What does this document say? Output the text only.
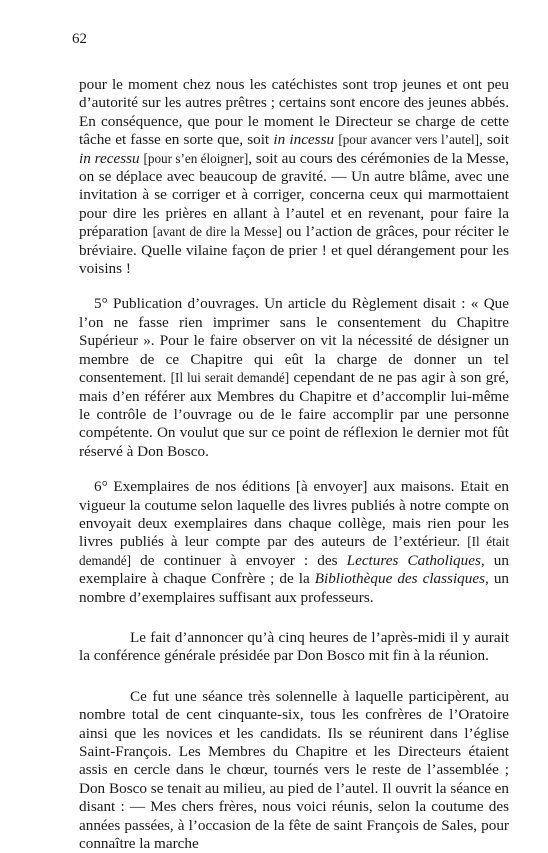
62

pour le moment chez nous les catéchistes sont trop jeunes et ont peu d’autorité sur les autres prêtres ; certains sont encore des jeunes abbés. En conséquence, que pour le moment le Directeur se charge de cette tâche et fasse en sorte que, soit in incessu [pour avancer vers l’autel], soit in recessu [pour s’en éloigner], soit au cours des cérémonies de la Messe, on se déplace avec beaucoup de gravité. — Un autre blâme, avec une invitation à se corriger et à corriger, concerna ceux qui marmottaient pour dire les prières en allant à l’autel et en revenant, pour faire la préparation [avant de dire la Messe] ou l’action de grâces, pour réciter le bréviaire. Quelle vilaine façon de prier ! et quel dérangement pour les voisins !

5° Publication d’ouvrages. Un article du Règlement disait : « Que l’on ne fasse rien imprimer sans le consentement du Chapitre Supérieur ». Pour le faire observer on vit la nécessité de désigner un membre de ce Chapitre qui eût la charge de donner un tel consentement. [Il lui serait demandé] cependant de ne pas agir à son gré, mais d’en référer aux Membres du Chapitre et d’accomplir lui-même le contrôle de l’ouvrage ou de le faire accomplir par une personne compétente. On voulut que sur ce point de réflexion le dernier mot fût réservé à Don Bosco.

6° Exemplaires de nos éditions [à envoyer] aux maisons. Etait en vigueur la coutume selon laquelle des livres publiés à notre compte on envoyait deux exemplaires dans chaque collège, mais rien pour les livres publiés à leur compte par des auteurs de l’extérieur. [Il était demandé] de continuer à envoyer : des Lectures Catholiques, un exemplaire à chaque Confrère ; de la Bibliothèque des classiques, un nombre d’exemplaires suffisant aux professeurs.

Le fait d’annoncer qu’à cinq heures de l’après-midi il y aurait la conférence générale présidée par Don Bosco mit fin à la réunion.

Ce fut une séance très solennelle à laquelle participèrent, au nombre total de cent cinquante-six, tous les confrères de l’Oratoire ainsi que les novices et les candidats. Ils se réunirent dans l’église Saint-François. Les Membres du Chapitre et les Directeurs étaient assis en cercle dans le chœur, tournés vers le reste de l’assemblée ; Don Bosco se tenait au milieu, au pied de l’autel. Il ouvrit la séance en disant : — Mes chers frères, nous voici réunis, selon la coutume des années passées, à l’occasion de la fête de saint François de Sales, pour connaître la marche
